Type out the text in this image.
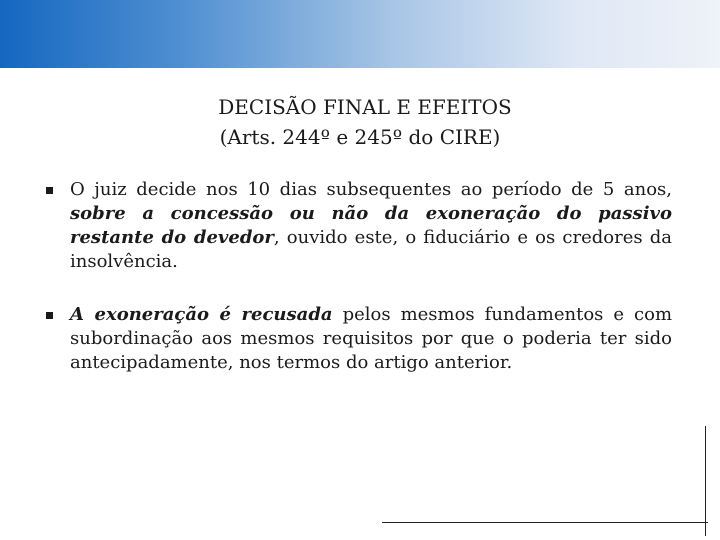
DECISÃO FINAL E EFEITOS
(Arts. 244º e 245º do CIRE)
O juiz decide nos 10 dias subsequentes ao período de 5 anos, sobre a concessão ou não da exoneração do passivo restante do devedor, ouvido este, o fiduciário e os credores da insolvência.
A exoneração é recusada pelos mesmos fundamentos e com subordinação aos mesmos requisitos por que o poderia ter sido antecipadamente, nos termos do artigo anterior.
